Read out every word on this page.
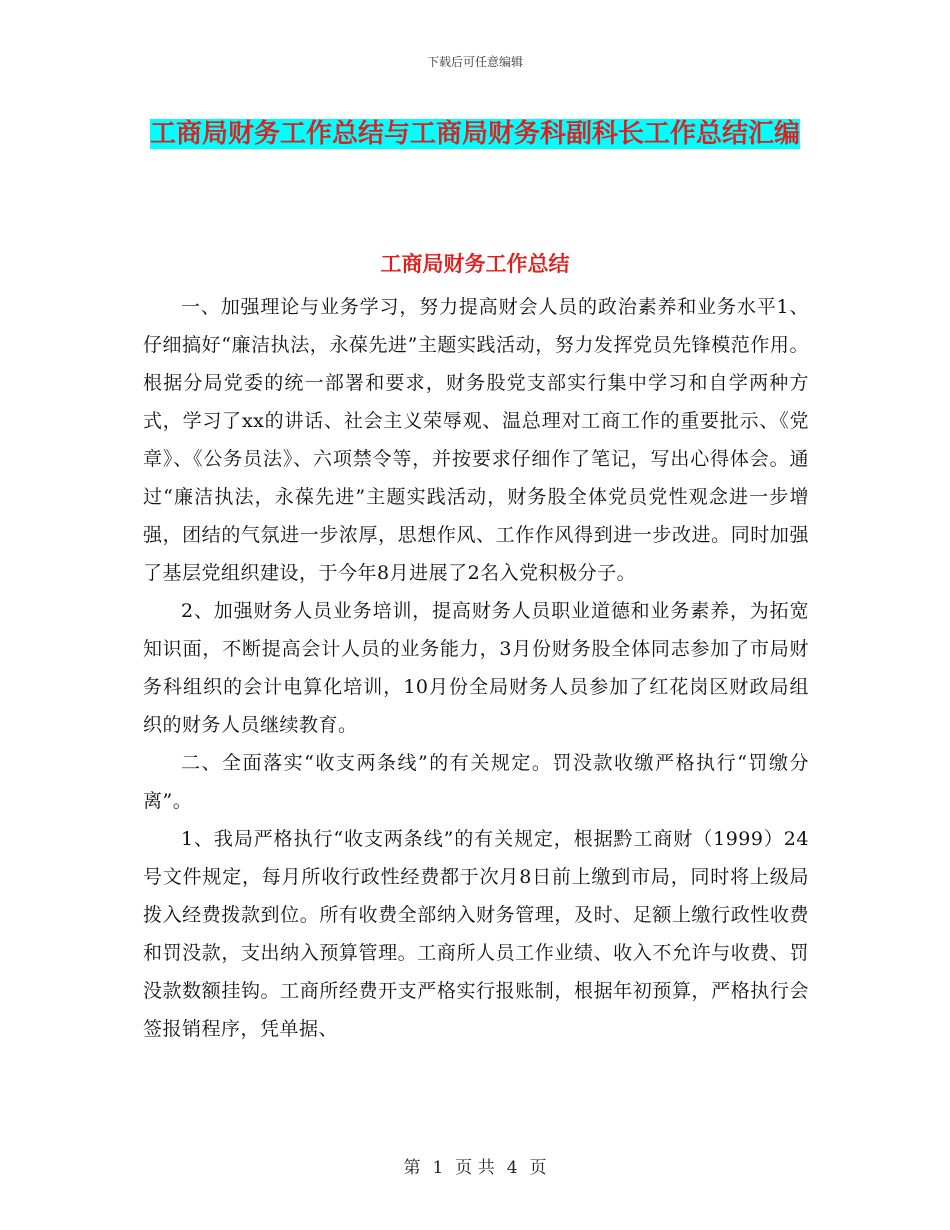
下载后可任意编辑
工商局财务工作总结与工商局财务科副科长工作总结汇编
工商局财务工作总结

一、加强理论与业务学习，努力提高财会人员的政治素养和业务水平1、仔细搞好“廉洁执法，永葆先进”主题实践活动，努力发挥党员先锋模范作用。根据分局党委的统一部署和要求，财务股党支部实行集中学习和自学两种方式，学习了xx的讲话、社会主义荣辱观、温总理对工商工作的重要批示、《党章》、《公务员法》、六项禁令等，并按要求仔细作了笔记，写出心得体会。通过“廉洁执法，永葆先进”主题实践活动，财务股全体党员党性观念进一步增强，团结的气氛进一步浓厚，思想作风、工作作风得到进一步改进。同时加强了基层党组织建设，于今年8月进展了2名入党积极分子。

2、加强财务人员业务培训，提高财务人员职业道德和业务素养，为拓宽知识面，不断提高会计人员的业务能力，3月份财务股全体同志参加了市局财务科组织的会计电算化培训，10月份全局财务人员参加了红花岗区财政局组织的财务人员继续教育。

二、全面落实“收支两条线”的有关规定。罚没款收缴严格执行“罚缴分离”。

1、我局严格执行“收支两条线”的有关规定，根据黔工商财（1999）24号文件规定，每月所收行政性经费都于次月8日前上缴到市局，同时将上级局拨入经费拨款到位。所有收费全部纳入财务管理，及时、足额上缴行政性收费和罚没款，支出纳入预算管理。工商所人员工作业绩、收入不允许与收费、罚没款数额挂钩。工商所经费开支严格实行报账制，根据年初预算，严格执行会签报销程序，凭单据、

第 1 页 共 4 页
